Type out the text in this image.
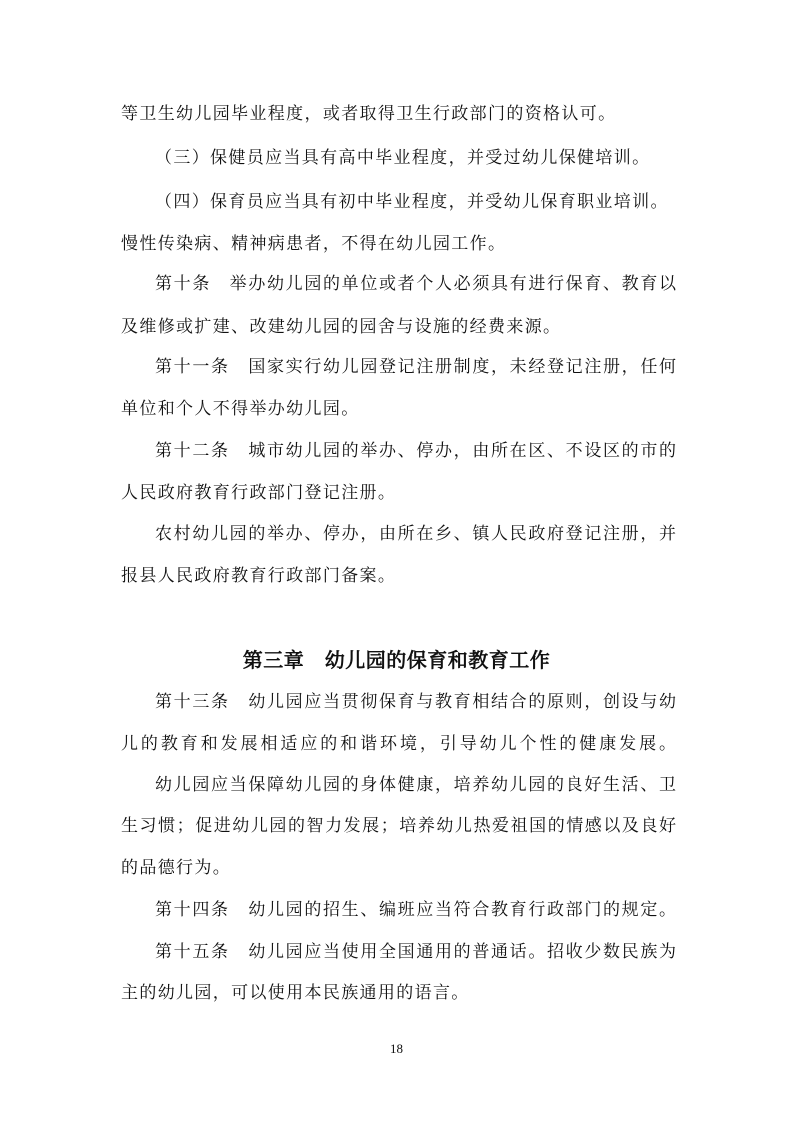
等卫生幼儿园毕业程度，或者取得卫生行政部门的资格认可。

（三）保健员应当具有高中毕业程度，并受过幼儿保健培训。

（四）保育员应当具有初中毕业程度，并受幼儿保育职业培训。

慢性传染病、精神病患者，不得在幼儿园工作。

第十条　举办幼儿园的单位或者个人必须具有进行保育、教育以

及维修或扩建、改建幼儿园的园舍与设施的经费来源。

第十一条　国家实行幼儿园登记注册制度，未经登记注册，任何

单位和个人不得举办幼儿园。

第十二条　城市幼儿园的举办、停办，由所在区、不设区的市的

人民政府教育行政部门登记注册。

农村幼儿园的举办、停办，由所在乡、镇人民政府登记注册，并

报县人民政府教育行政部门备案。

第三章　幼儿园的保育和教育工作

第十三条　幼儿园应当贯彻保育与教育相结合的原则，创设与幼

儿的教育和发展相适应的和谐环境，引导幼儿个性的健康发展。

幼儿园应当保障幼儿园的身体健康，培养幼儿园的良好生活、卫

生习惯；促进幼儿园的智力发展；培养幼儿热爱祖国的情感以及良好

的品德行为。

第十四条　幼儿园的招生、编班应当符合教育行政部门的规定。

第十五条　幼儿园应当使用全国通用的普通话。招收少数民族为

主的幼儿园，可以使用本民族通用的语言。

18
